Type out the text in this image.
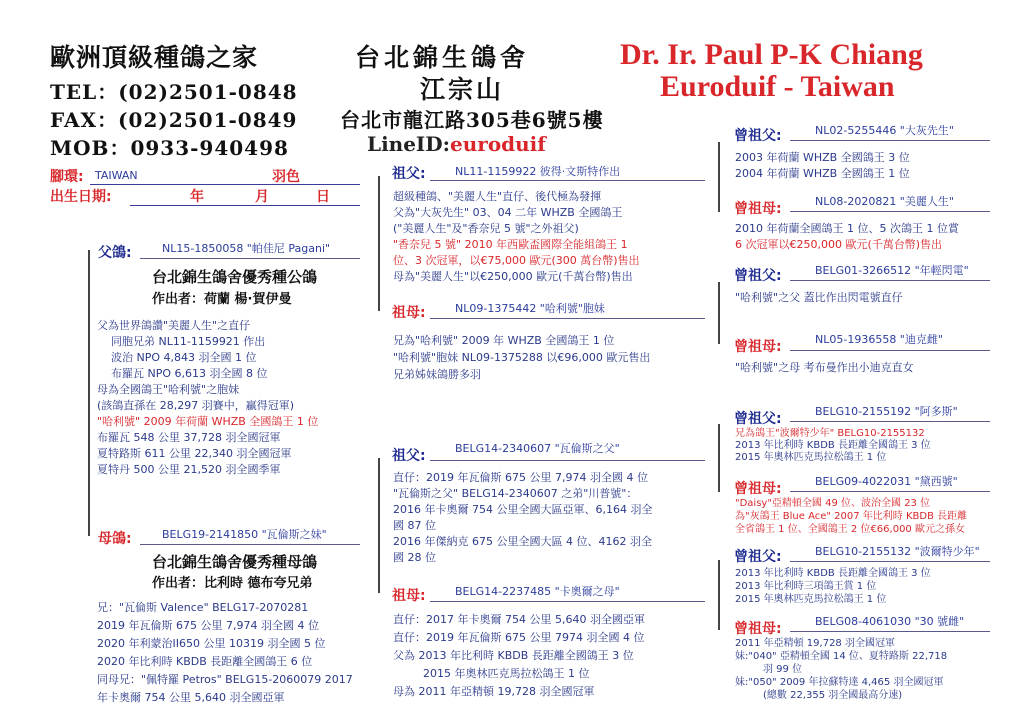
歐洲頂級種鴿之家	台北錦生鴿舍	Dr. Ir. Paul P-K Chiang
TEL：(02)2501-0848	江宗山	Euroduif - Taiwan
FAX：(02)2501-0849 台北市龍江路305巷6號5樓
MOB：0933-940498	LineID:euroduif
腳環: TAIWAN	羽色
出生日期:	年	月	日
父鴿:	NL15-1850058 "帕佳尼 Pagani"
台北錦生鴿舍優秀種公鴿
作出者：荷蘭 楊·賀伊曼
父為世界鴿讚"美麗人生"之直仔
同胞兄弟 NL11-1159921 作出
波治 NPO 4,843 羽全國 1 位
布羅瓦 NPO 6,613 羽全國 8 位
母為全國鴿王"哈利號"之胞妹
(該鴿直孫在 28,297 羽賽中，贏得冠軍)
"哈利號" 2009 年荷蘭 WHZB 全國鴿王 1 位
布羅瓦 548 公里 37,728 羽全國冠軍
夏特路斯 611 公里 22,340 羽全國冠軍
夏特丹 500 公里 21,520 羽全國季軍
母鴿:	BELG19-2141850 "瓦倫斯之妹"
台北錦生鴿舍優秀種母鴿
作出者：比利時 德布夸兄弟
兄："瓦倫斯 Valence" BELG17-2070281
2019 年瓦倫斯 675 公里 7,974 羽全國 4 位
2020 年利蒙治II650 公里 10319 羽全國 5 位
2020 年比利時 KBDB 長距離全國鴿王 6 位
同母兄："佩特羅 Petros" BELG15-2060079 2017
年卡奧爾 754 公里 5,640 羽全國亞軍
祖父:	NL11-1159922 彼得·文斯特作出
超級種鴿、"美麗人生"直仔、後代極為發揮
父為"大灰先生" 03、04 二年 WHZB 全國鴿王
("美麗人生"及"香奈兒 5 號"之外祖父)
"香奈兒 5 號" 2010 年西歐盃國際全能組鴿王 1
位、3 次冠軍，以€75,000 歐元(300 萬台幣)售出
母為"美麗人生"以€250,000 歐元(千萬台幣)售出
祖母:	NL09-1375442 "哈利號"胞妹
兄為"哈利號" 2009 年 WHZB 全國鴿王 1 位
"哈利號"胞妹 NL09-1375288 以€96,000 歐元售出
兄弟姊妹鴿勝多羽
祖父:	BELG14-2340607 "瓦倫斯之父"
直仔：2019 年瓦倫斯 675 公里 7,974 羽全國 4 位
"瓦倫斯之父" BELG14-2340607 之弟"川普號"：
2016 年卡奧爾 754 公里全國大區亞軍、6,164 羽全
國 87 位
2016 年傑納克 675 公里全國大區 4 位、4162 羽全
國 28 位
祖母:	BELG14-2237485 "卡奧爾之母"
直仔：2017 年卡奧爾 754 公里 5,640 羽全國亞軍
直仔：2019 年瓦倫斯 675 公里 7974 羽全國 4 位
父為 2013 年比利時 KBDB 長距離全國鴿王 3 位
2015 年奧林匹克馬拉松鴿王 1 位
母為 2011 年亞精頓 19,728 羽全國冠軍
曾祖父:	NL02-5255446 "大灰先生"
2003 年荷蘭 WHZB 全國鴿王 3 位
2004 年荷蘭 WHZB 全國鴿王 1 位
曾祖母:	NL08-2020821 "美麗人生"
2010 年荷蘭全國鴿王 1 位、5 次鴿王 1 位賞
6 次冠軍以€250,000 歐元(千萬台幣)售出
曾祖父:	BELG01-3266512 "年輕閃電"
"哈利號"之父 蓋比作出閃電號直仔
曾祖母:	NL05-1936558 "迪克雌"
"哈利號"之母 考布曼作出小迪克直女
曾祖父:	BELG10-2155192 "阿多斯"
兄為鴿王"波爾特少年" BELG10-2155132
2013 年比利時 KBDB 長距離全國鴿王 3 位
2015 年奧林匹克馬拉松鴿王 1 位
曾祖母:	BELG09-4022031 "黛西號"
"Daisy"亞精頓全國 49 位、波治全國 23 位
為"灰鴿王 Blue Ace" 2007 年比利時 KBDB 長距離
全省鴿王 1 位、全國鴿王 2 位€66,000 歐元之孫女
曾祖父:	BELG10-2155132 "波爾特少年"
2013 年比利時 KBDB 長距離全國鴿王 3 位
2013 年比利時三項鴿王賞 1 位
2015 年奧林匹克馬拉松鴿王 1 位
曾祖母:	BELG08-4061030 "30 號雌"
2011 年亞精頓 19,728 羽全國冠軍
妹:"040" 亞精頓全國 14 位、夏特路斯 22,718
羽 99 位
妹:"050" 2009 年拉蘇特達 4,465 羽全國冠軍
(總數 22,355 羽全國最高分速)
